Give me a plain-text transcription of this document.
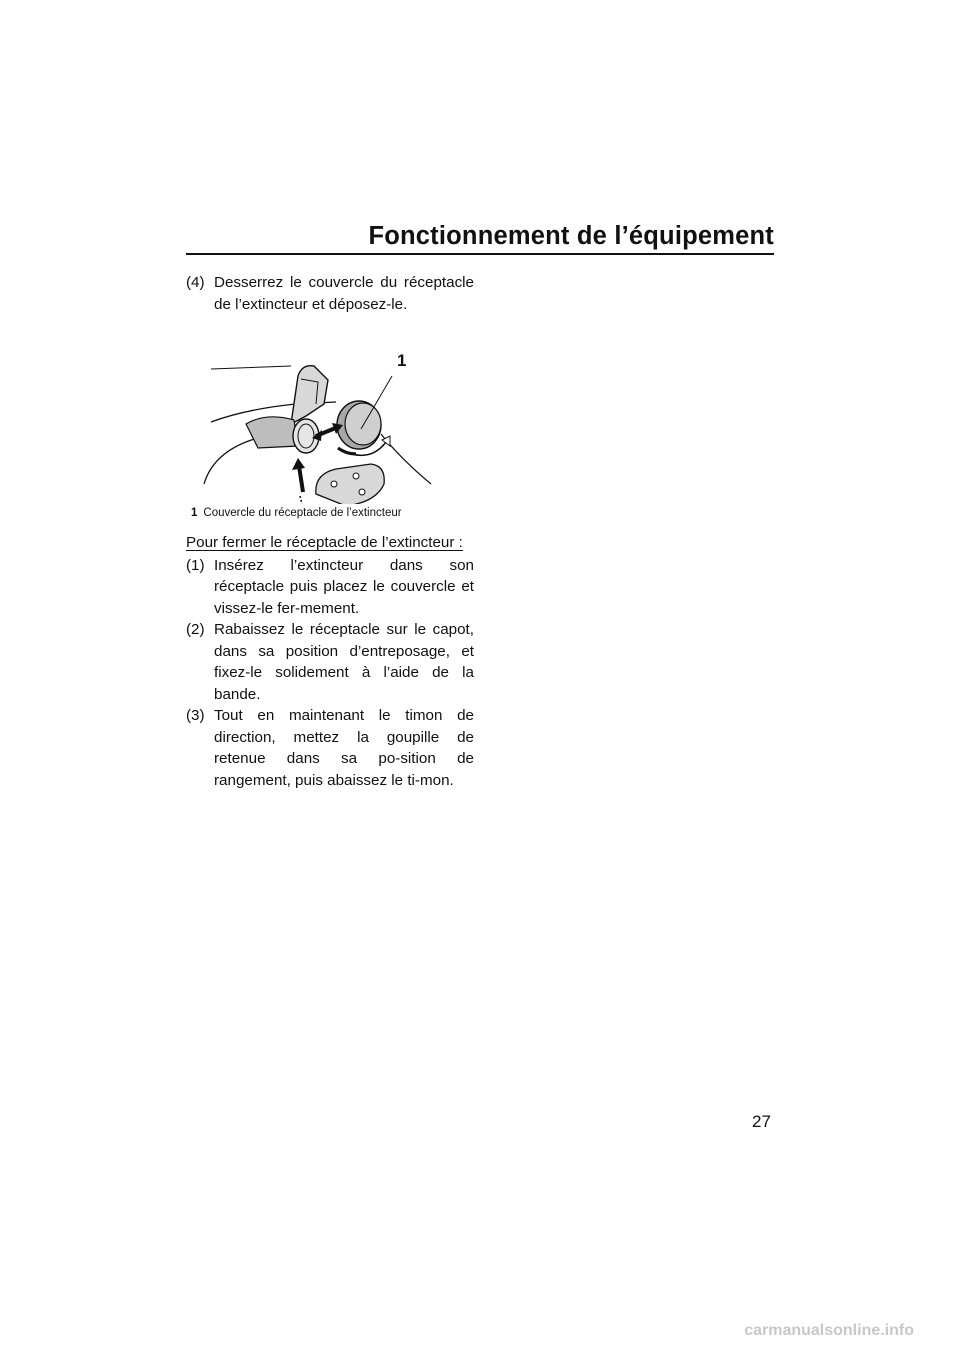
Fonctionnement de l’équipement

(4) Desserrez le couvercle du réceptacle de l’extincteur et déposez-le.

1
1 Couvercle du réceptacle de l’extincteur
Pour fermer le réceptacle de l’extincteur :

(1) Insérez l’extincteur dans son réceptacle puis placez le couvercle et vissez-le fer-mement.

(2) Rabaissez le réceptacle sur le capot, dans sa position d’entreposage, et fixez-le solidement à l’aide de la bande.

(3) Tout en maintenant le timon de direction, mettez la goupille de retenue dans sa po-sition de rangement, puis abaissez le ti-mon.

27
carmanualsonline.info
